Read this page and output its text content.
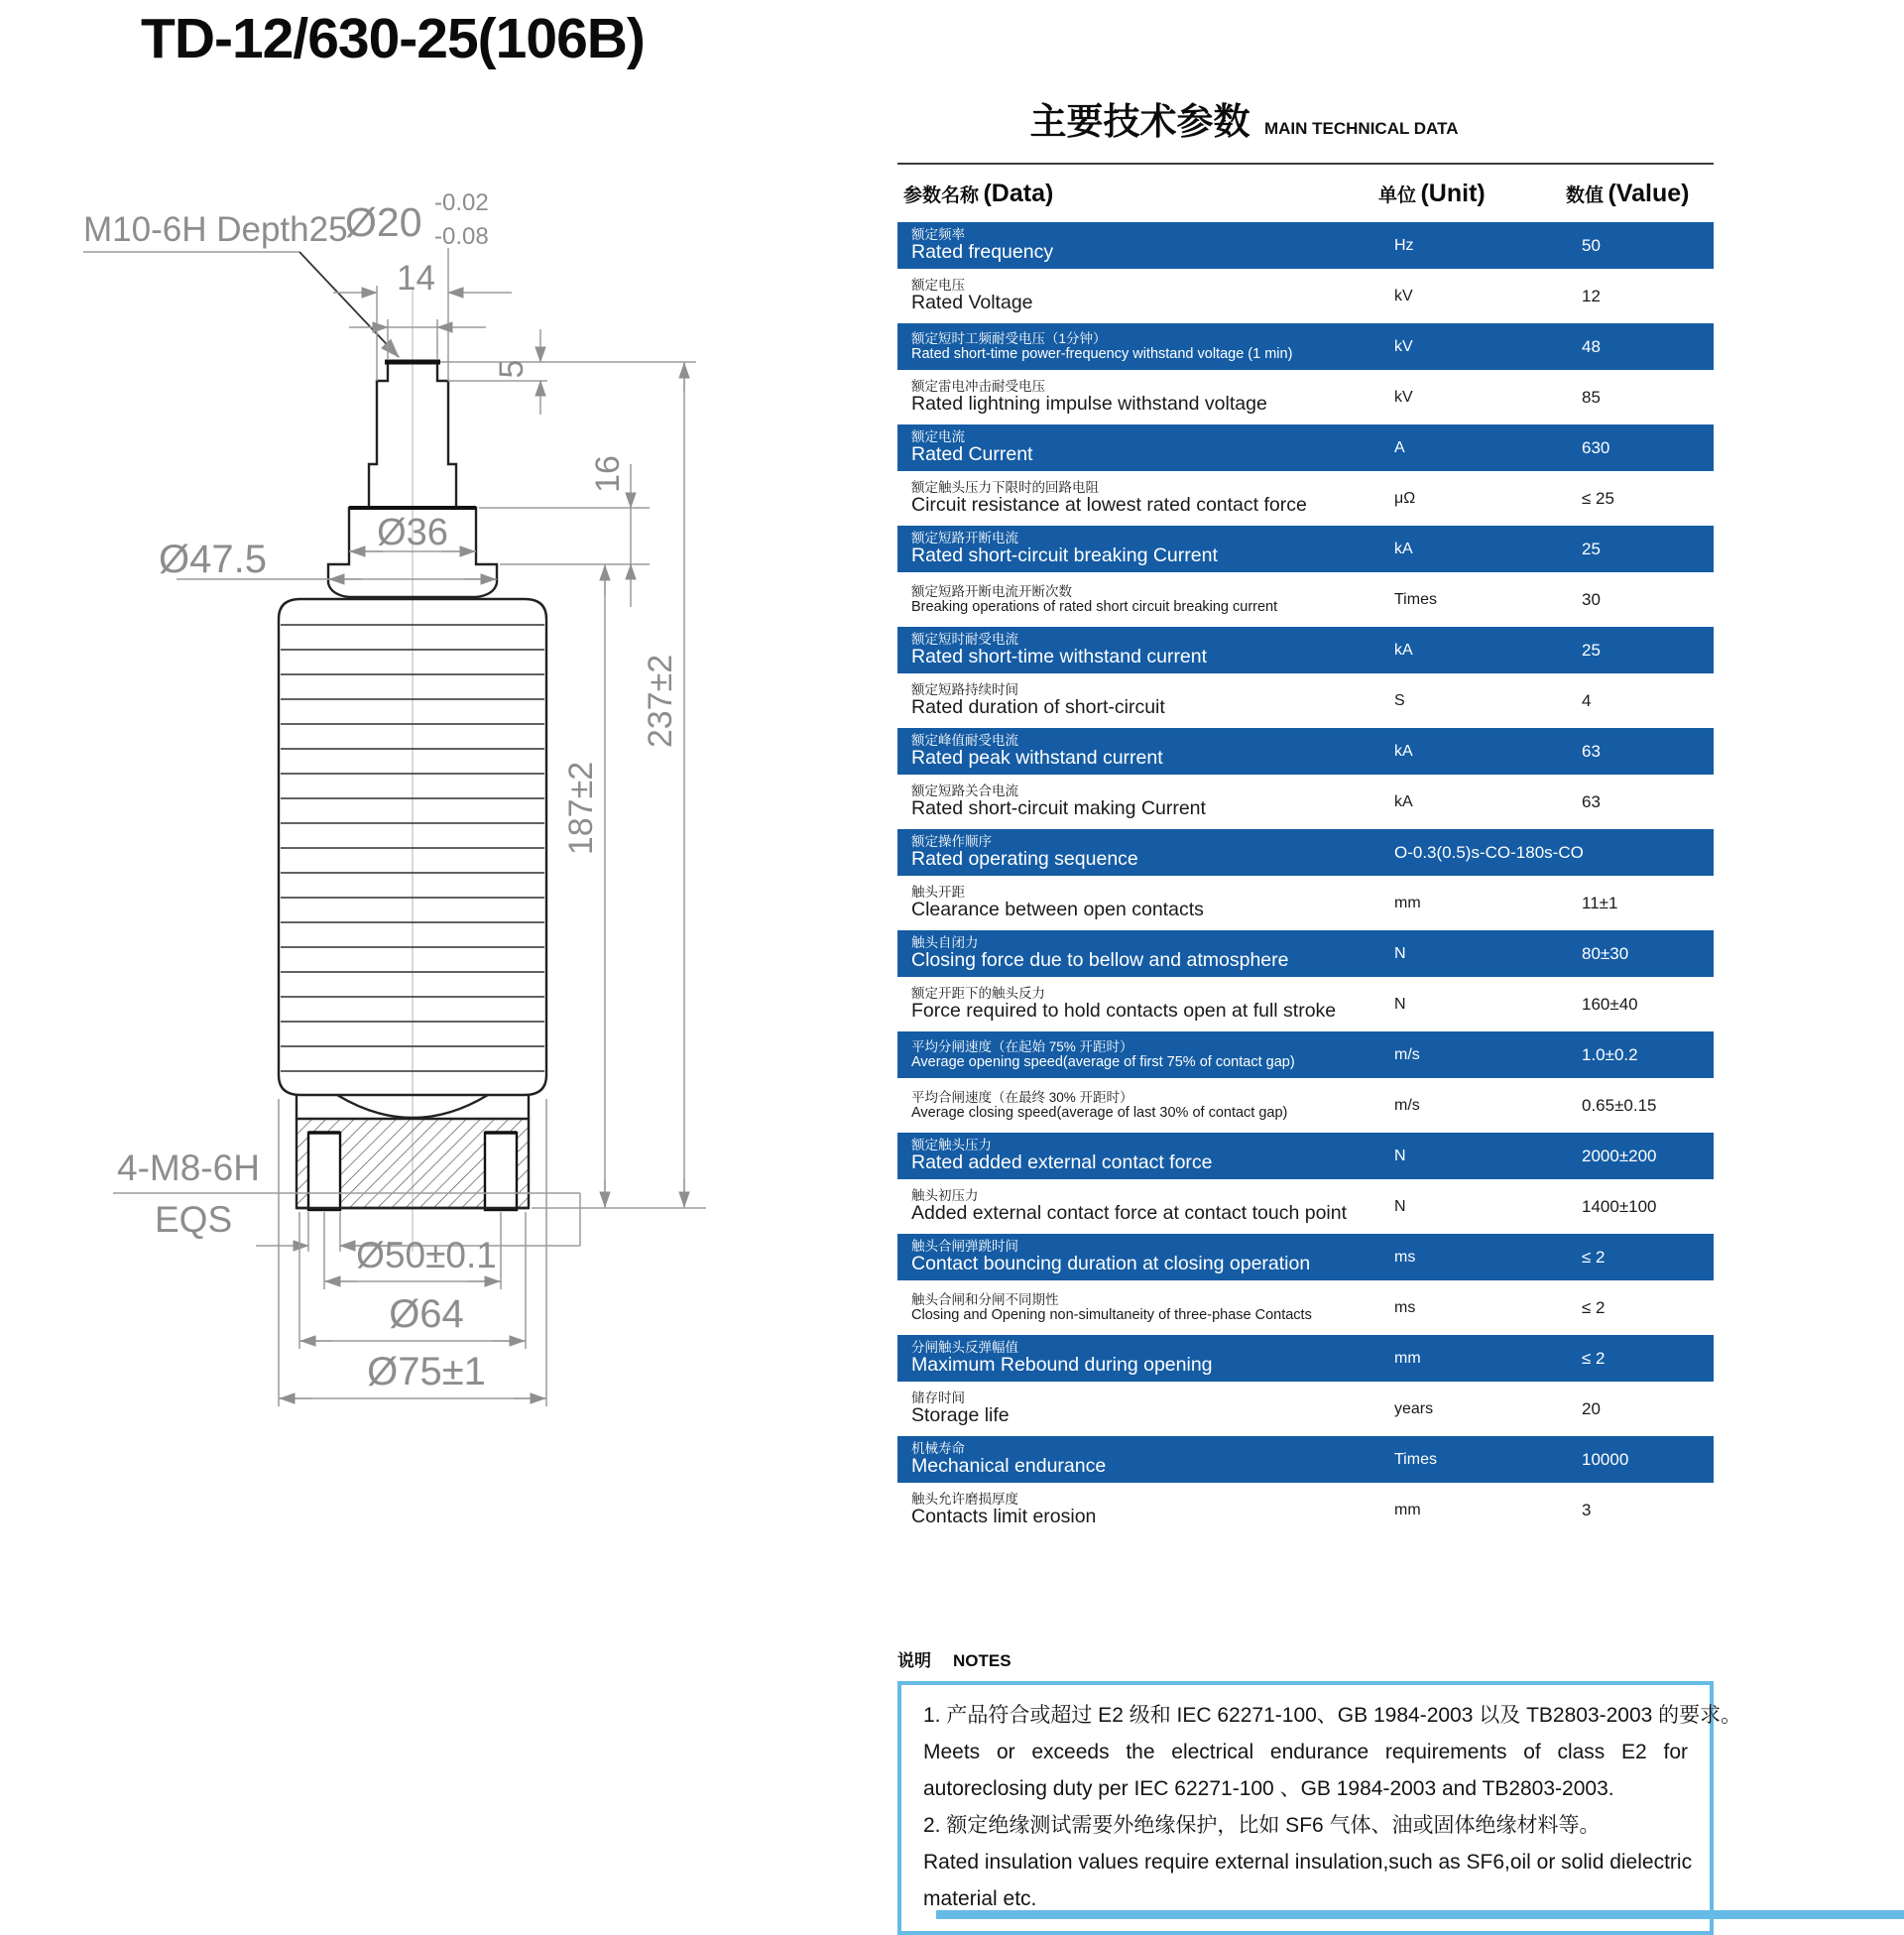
TD-12/630-25(106B)
M10-6H Depth25
Ø20 -0.02
-0.08
14
5
16
Ø36
Ø47.5
187±2
237±2
4-M8-6H
EQS
Ø50±0.1
Ø64
Ø75±1
主要技术参数 MAIN TECHNICAL DATA
参数名称 (Data)	单位 (Unit)	数值 (Value)
额定频率
Rated frequency	Hz	50
额定电压
Rated Voltage	kV	12
额定短时工频耐受电压（1分钟）
Rated short-time power-frequency withstand voltage (1 min)	kV	48
额定雷电冲击耐受电压
Rated lightning impulse withstand voltage	kV	85
额定电流
Rated Current	A	630
额定触头压力下限时的回路电阻
Circuit resistance at lowest rated contact force	μΩ	≤ 25
额定短路开断电流
Rated short-circuit breaking Current	kA	25
额定短路开断电流开断次数
Breaking operations of rated short circuit breaking current	Times	30
额定短时耐受电流
Rated short-time withstand current	kA	25
额定短路持续时间
Rated duration of short-circuit	S	4
额定峰值耐受电流
Rated peak withstand current	kA	63
额定短路关合电流
Rated short-circuit making Current	kA	63
额定操作顺序
Rated operating sequence	O-0.3(0.5)s-CO-180s-CO
触头开距
Clearance between open contacts	mm	11±1
触头自闭力
Closing force due to bellow and atmosphere	N	80±30
额定开距下的触头反力
Force required to hold contacts open at full stroke	N	160±40
平均分闸速度（在起始 75% 开距时）
Average opening speed(average of first 75% of contact gap)	m/s	1.0±0.2
平均合闸速度（在最终 30% 开距时）
Average closing speed(average of last 30% of contact gap)	m/s	0.65±0.15
额定触头压力
Rated added external contact force	N	2000±200
触头初压力
Added external contact force at contact touch point	N	1400±100
触头合闸弹跳时间
Contact bouncing duration at closing operation	ms	≤ 2
触头合闸和分闸不同期性
Closing and Opening non-simultaneity of three-phase Contacts	ms	≤ 2
分闸触头反弹幅值
Maximum Rebound during opening	mm	≤ 2
储存时间
Storage life	years	20
机械寿命
Mechanical endurance	Times	10000
触头允许磨损厚度
Contacts limit erosion	mm	3
说明 NOTES
1. 产品符合或超过 E2 级和 IEC 62271-100、GB 1984-2003 以及 TB2803-2003 的要求。
Meets or exceeds the electrical endurance requirements of class E2 for
autoreclosing duty per IEC 62271-100 、GB 1984-2003 and TB2803-2003.
2. 额定绝缘测试需要外绝缘保护，比如 SF6 气体、油或固体绝缘材料等。
Rated insulation values require external insulation,such as SF6,oil or solid dielectric
material etc.
